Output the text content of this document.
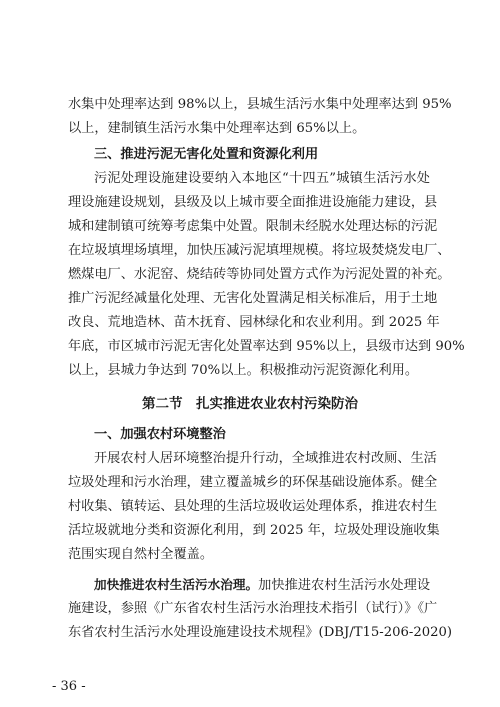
水集中处理率达到 98%以上，县城生活污水集中处理率达到 95%
以上，建制镇生活污水集中处理率达到 65%以上。
三、推进污泥无害化处置和资源化利用
污泥处理设施建设要纳入本地区“十四五”城镇生活污水处
理设施建设规划，县级及以上城市要全面推进设施能力建设，县
城和建制镇可统筹考虑集中处置。限制未经脱水处理达标的污泥
在垃圾填埋场填埋，加快压减污泥填埋规模。将垃圾焚烧发电厂、
燃煤电厂、水泥窑、烧结砖等协同处置方式作为污泥处置的补充。
推广污泥经减量化处理、无害化处置满足相关标准后，用于土地
改良、荒地造林、苗木抚育、园林绿化和农业利用。到 2025 年
年底，市区城市污泥无害化处置率达到 95%以上，县级市达到 90%
以上，县城力争达到 70%以上。积极推动污泥资源化利用。
第二节　扎实推进农业农村污染防治
一、加强农村环境整治
开展农村人居环境整治提升行动，全域推进农村改厕、生活
垃圾处理和污水治理，建立覆盖城乡的环保基础设施体系。健全
村收集、镇转运、县处理的生活垃圾收运处理体系，推进农村生
活垃圾就地分类和资源化利用，到 2025 年，垃圾处理设施收集
范围实现自然村全覆盖。
加快推进农村生活污水治理。加快推进农村生活污水处理设
施建设，参照《广东省农村生活污水治理技术指引（试行）》《广
东省农村生活污水处理设施建设技术规程》(DBJ/T15-206-2020)
- 36 -
